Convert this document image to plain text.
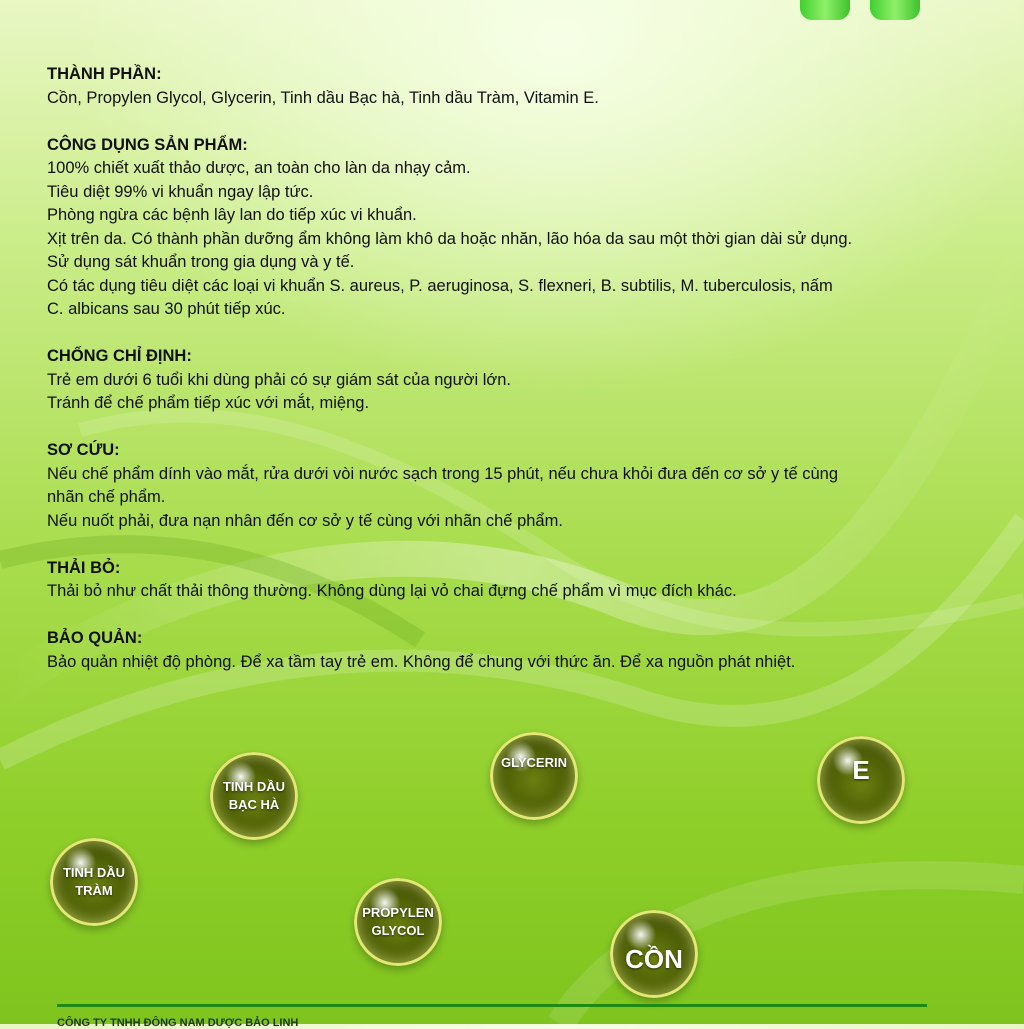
THÀNH PHẦN:
Cồn, Propylen Glycol, Glycerin, Tinh dầu Bạc hà, Tinh dầu Tràm, Vitamin E.
CÔNG DỤNG SẢN PHẨM:
100% chiết xuất thảo dược, an toàn cho làn da nhạy cảm.
Tiêu diệt 99% vi khuẩn ngay lập tức.
Phòng ngừa các bệnh lây lan do tiếp xúc vi khuẩn.
Xịt trên da. Có thành phần dưỡng ẩm không làm khô da hoặc nhăn, lão hóa da sau một thời gian dài sử dụng.
Sử dụng sát khuẩn trong gia dụng và y tế.
Có tác dụng tiêu diệt các loại vi khuẩn S. aureus, P. aeruginosa, S. flexneri, B. subtilis, M. tuberculosis, nấm
C. albicans sau 30 phút tiếp xúc.
CHỐNG CHỈ ĐỊNH:
Trẻ em dưới 6 tuổi khi dùng phải có sự giám sát của người lớn.
Tránh để chế phẩm tiếp xúc với mắt, miệng.
SƠ CỨU:
Nếu chế phẩm dính vào mắt, rửa dưới vòi nước sạch trong 15 phút, nếu chưa khỏi đưa đến cơ sở y tế cùng
nhãn chế phẩm.
Nếu nuốt phải, đưa nạn nhân đến cơ sở y tế cùng với nhãn chế phẩm.
THẢI BỎ:
Thải bỏ như chất thải thông thường. Không dùng lại vỏ chai đựng chế phẩm vì mục đích khác.
BẢO QUẢN:
Bảo quản nhiệt độ phòng. Để xa tầm tay trẻ em. Không để chung với thức ăn. Để xa nguồn phát nhiệt.
TINH DẦU BẠC HÀ
GLYCERIN	E
TINH DẦU TRÀM
PROPYLEN GLYCOL
CỒN
CÔNG TY TNHH ĐÔNG NAM DƯỢC BẢO LINH
